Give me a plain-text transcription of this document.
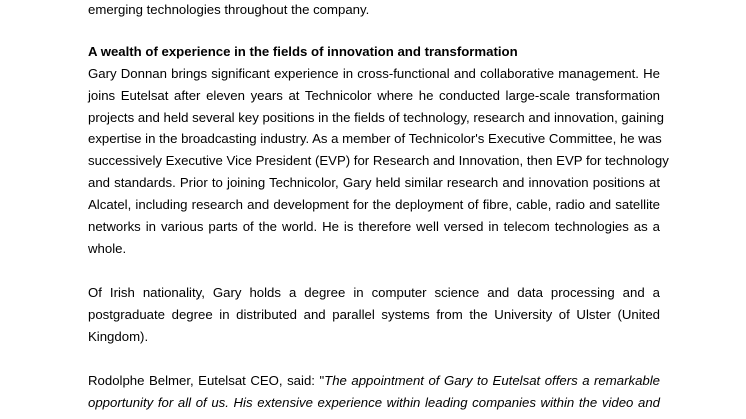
emerging technologies throughout the company.
A wealth of experience in the fields of innovation and transformation
Gary Donnan brings significant experience in cross-functional and collaborative management. He
joins Eutelsat after eleven years at Technicolor where he conducted large-scale transformation
projects and held several key positions in the fields of technology, research and innovation, gaining
expertise in the broadcasting industry. As a member of Technicolor's Executive Committee, he was
successively Executive Vice President (EVP) for Research and Innovation, then EVP for technology
and standards. Prior to joining Technicolor, Gary held similar research and innovation positions at
Alcatel, including research and development for the deployment of fibre, cable, radio and satellite
networks in various parts of the world. He is therefore well versed in telecom technologies as a
whole.
Of Irish nationality, Gary holds a degree in computer science and data processing and a
postgraduate degree in distributed and parallel systems from the University of Ulster (United
Kingdom).
Rodolphe Belmer, Eutelsat CEO, said: "The appointment of Gary to Eutelsat offers a remarkable
opportunity for all of us. His extensive experience within leading companies within the video and
